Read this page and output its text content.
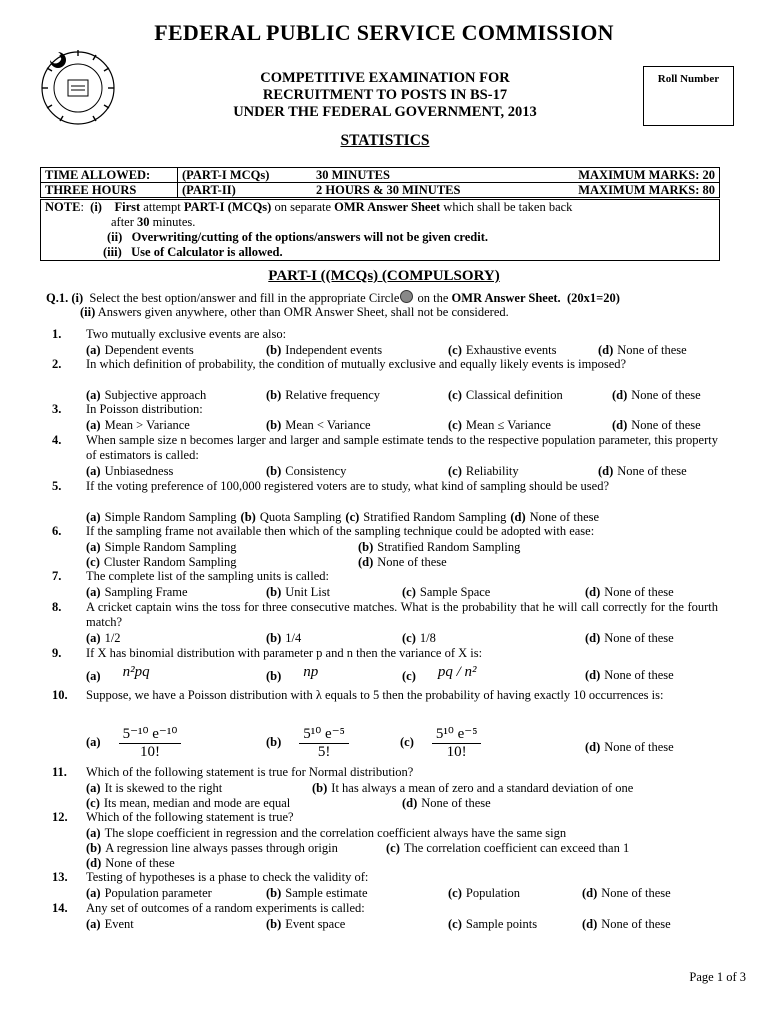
FEDERAL PUBLIC SERVICE COMMISSION
COMPETITIVE EXAMINATION FOR
RECRUITMENT TO POSTS IN BS-17
UNDER THE FEDERAL GOVERNMENT, 2013
STATISTICS
Roll Number
TIME ALLOWED:	(PART-I MCQs)	30 MINUTES	MAXIMUM MARKS: 20
THREE HOURS	(PART-II)	2 HOURS & 30 MINUTES	MAXIMUM MARKS: 80
NOTE:  (i) First attempt PART-I (MCQs) on separate OMR Answer Sheet which shall be taken back
after 30 minutes.
(ii) Overwriting/cutting of the options/answers will not be given credit.
(iii) Use of Calculator is allowed.
PART-I ((MCQs) (COMPULSORY)
Q.1. (i) Select the best option/answer and fill in the appropriate Circle on the OMR Answer Sheet. (20x1=20)
(ii) Answers given anywhere, other than OMR Answer Sheet, shall not be considered.
1. Two mutually exclusive events are also:
(a) Dependent events	(b) Independent events	(c) Exhaustive events	(d) None of these
2. In which definition of probability, the condition of mutually exclusive and equally likely events is imposed?
(a) Subjective approach	(b) Relative frequency	(c) Classical definition	(d) None of these
3. In Poisson distribution:
(a) Mean > Variance	(b) Mean < Variance	(c) Mean ≤ Variance	(d) None of these
4. When sample size n becomes larger and larger and sample estimate tends to the respective population parameter, this property of estimators is called:
(a) Unbiasedness	(b) Consistency	(c) Reliability	(d) None of these
5. If the voting preference of 100,000 registered voters are to study, what kind of sampling should be used?
(a) Simple Random Sampling (b) Quota Sampling (c) Stratified Random Sampling (d) None of these
6. If the sampling frame not available then which of the sampling technique could be adopted with ease:
(a) Simple Random Sampling	(b) Stratified Random Sampling
(c) Cluster Random Sampling	(d) None of these
7. The complete list of the sampling units is called:
(a) Sampling Frame	(b) Unit List	(c) Sample Space	(d) None of these
8. A cricket captain wins the toss for three consecutive matches. What is the probability that he will call correctly for the fourth match?
(a) 1/2	(b) 1/4	(c) 1/8	(d) None of these
9. If X has binomial distribution with parameter p and n then the variance of X is:
(a) n²pq	(b) np	(c) pq / n²	(d) None of these
10. Suppose, we have a Poisson distribution with λ equals to 5 then the probability of having exactly 10 occurrences is:
$(a) \frac{\text{5⁻¹⁰ e⁻¹⁰}}{10!}$	$(b) \frac{\text{5¹⁰ e⁻⁵}}{5!}$	$(c) \frac{\text{5¹⁰ e⁻⁵}}{10!}$	(d) None of these
11. Which of the following statement is true for Normal distribution?
(a) It is skewed to the right	(b) It has always a mean of zero and a standard deviation of one
(c) Its mean, median and mode are equal	(d) None of these
12. Which of the following statement is true?
(a) The slope coefficient in regression and the correlation coefficient always have the same sign
(b) A regression line always passes through origin	(c) The correlation coefficient can exceed than 1
(d) None of these
13. Testing of hypotheses is a phase to check the validity of:
(a) Population parameter	(b) Sample estimate	(c) Population	(d) None of these
14. Any set of outcomes of a random experiments is called:
(a) Event	(b) Event space	(c) Sample points	(d) None of these
Page 1 of 3
